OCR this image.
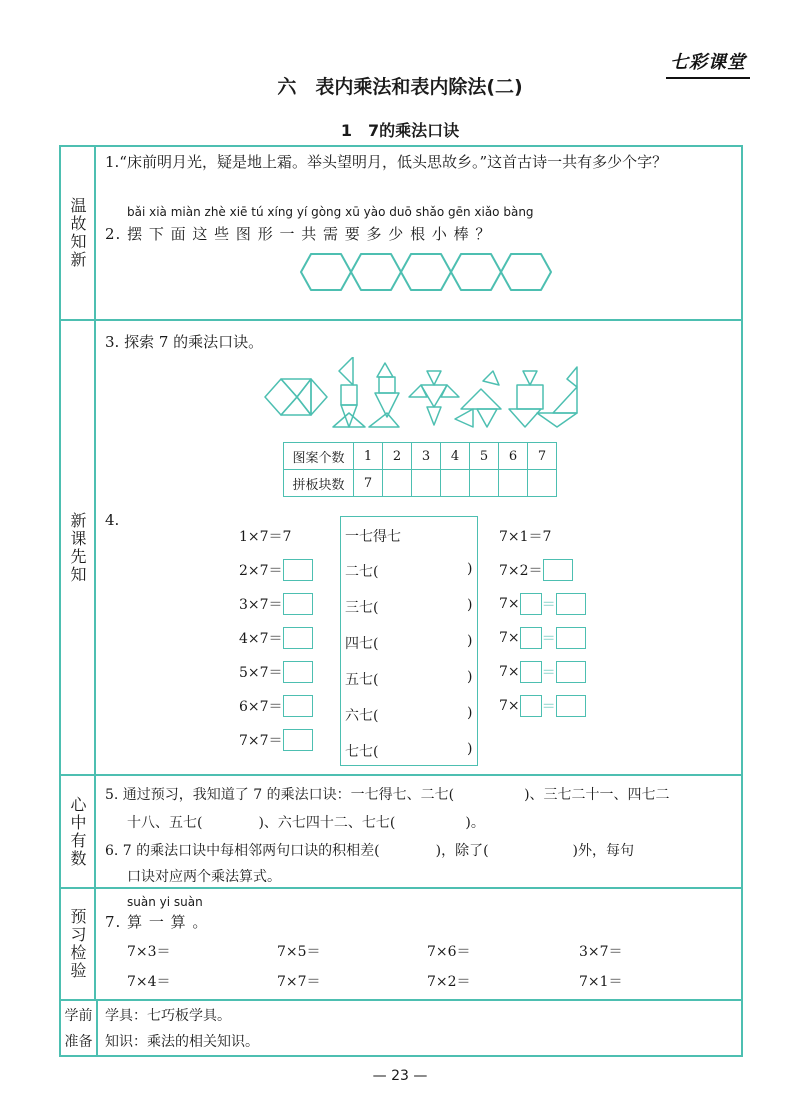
七彩课堂
六　表内乘法和表内除法(二)
1　7的乘法口诀
温故知新
1.“床前明月光，疑是地上霜。举头望明月，低头思故乡。”这首古诗一共有多少个字？
bǎi xià miàn zhè xiē tú xíng yí gòng xū yào duō shǎo gēn xiǎo bàng
2. 摆 下 面 这 些 图 形 一 共 需 要 多 少 根 小 棒 ？
新课先知
3. 探索 7 的乘法口诀。
图案个数	1	2	3	4	5	6	7
拼板块数	7						
4.
1×7＝7
2×7＝
3×7＝
4×7＝
5×7＝
6×7＝
7×7＝
一七得七
二七(	)
三七(	)
四七(	)
五七(	)
六七(	)
七七(	)
7×1＝7
7×2＝
7× ＝
7× ＝
7× ＝
7× ＝
心中有数
5. 通过预习，我知道了 7 的乘法口诀：一七得七、二七(　　　　　)、三七二十一、四七二
十八、五七(　　　　)、六七四十二、七七(　　　　　)。
6. 7 的乘法口诀中每相邻两句口诀的积相差(　　　　)，除了(　　　　　　)外，每句
口诀对应两个乘法算式。
预习检验
suàn yi suàn
7. 算 一 算 。
7×3＝	7×5＝	7×6＝	3×7＝
7×4＝	7×7＝	7×2＝	7×1＝
学前
准备
学具：七巧板学具。
知识：乘法的相关知识。
— 23 —
